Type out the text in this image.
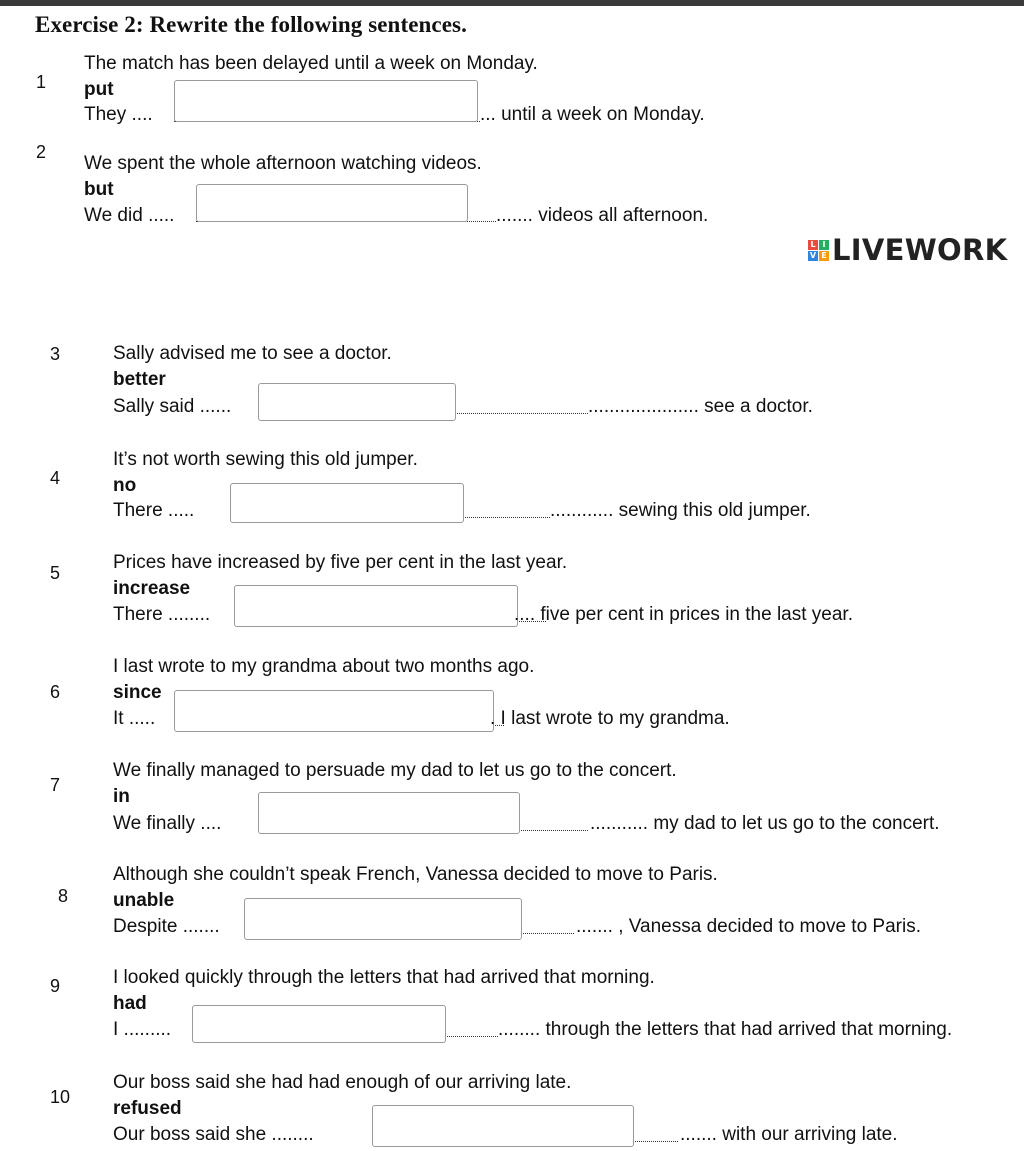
Exercise 2: Rewrite the following sentences.
L I
V E LIVEWORK
1
The match has been delayed until a week on Monday.
put
They ....	... until a week on Monday.
2
We spent the whole afternoon watching videos.
but
We did .....	....... videos all afternoon.
3	Sally advised me to see a doctor.
better
Sally said ......	..................... see a doctor.
4
It’s not worth sewing this old jumper.
no
There .....	............ sewing this old jumper.
5	Prices have increased by five per cent in the last year.
increase
There ........	.... five per cent in prices in the last year.
6
I last wrote to my grandma about two months ago.
since
It .....	. I last wrote to my grandma.
7
We finally managed to persuade my dad to let us go to the concert.
in
We finally ....	........... my dad to let us go to the concert.
8
Although she couldn’t speak French, Vanessa decided to move to Paris.
unable
Despite .......	....... , Vanessa decided to move to Paris.
9	I looked quickly through the letters that had arrived that morning.
had
I .........	........ through the letters that had arrived that morning.
10
Our boss said she had had enough of our arriving late.
refused
Our boss said she ........	....... with our arriving late.
